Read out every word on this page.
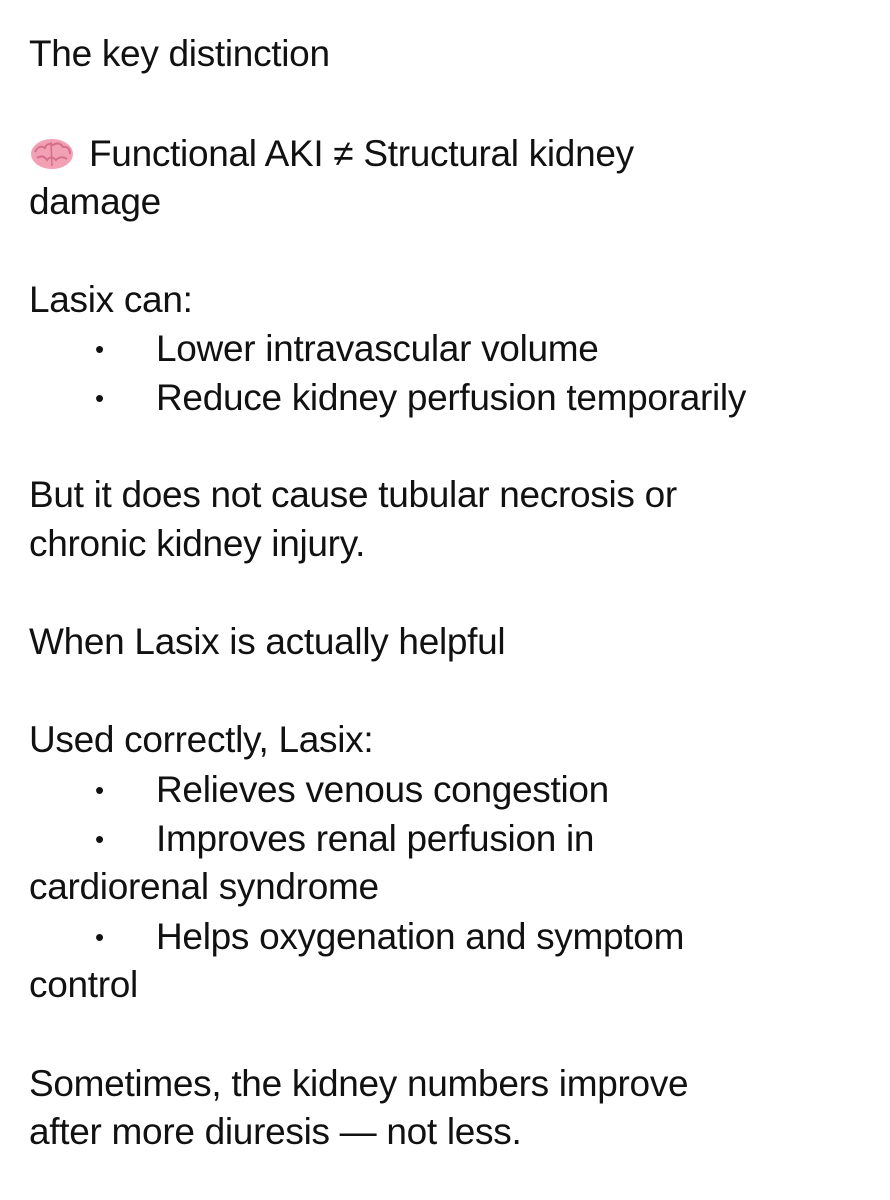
The key distinction
Functional AKI ≠ Structural kidney
damage
Lasix can:
• Lower intravascular volume
• Reduce kidney perfusion temporarily
But it does not cause tubular necrosis or
chronic kidney injury.
When Lasix is actually helpful
Used correctly, Lasix:
• Relieves venous congestion
• Improves renal perfusion in
cardiorenal syndrome
• Helps oxygenation and symptom
control
Sometimes, the kidney numbers improve
after more diuresis — not less.
